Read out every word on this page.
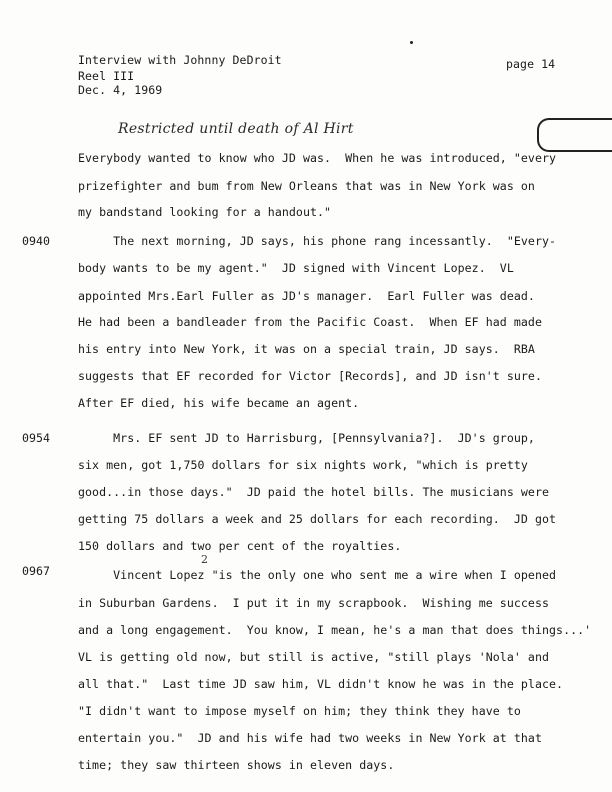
Interview with Johnny DeDroit
Reel III
Dec. 4, 1969
page 14
Restricted until death of Al Hirt
0940
0954
0967
Everybody wanted to know who JD was.  When he was introduced, "every
prizefighter and bum from New Orleans that was in New York was on
my bandstand looking for a handout."
The next morning, JD says, his phone rang incessantly.  "Every-
body wants to be my agent."  JD signed with Vincent Lopez.  VL
appointed Mrs.Earl Fuller as JD's manager.  Earl Fuller was dead.
He had been a bandleader from the Pacific Coast.  When EF had made
his entry into New York, it was on a special train, JD says.  RBA
suggests that EF recorded for Victor [Records], and JD isn't sure.
After EF died, his wife became an agent.
Mrs. EF sent JD to Harrisburg, [Pennsylvania?].  JD's group,
six men, got 1,750 dollars for six nights work, "which is pretty
good...in those days."  JD paid the hotel bills. The musicians were
getting 75 dollars a week and 25 dollars for each recording.  JD got
150 dollars and two per cent of the royalties.
Vincent Lopez "is the only one who sent me a wire when I opened
in Suburban Gardens.  I put it in my scrapbook.  Wishing me success
and a long engagement.  You know, I mean, he's a man that does things...'
VL is getting old now, but still is active, "still plays 'Nola' and
all that."  Last time JD saw him, VL didn't know he was in the place.
"I didn't want to impose myself on him; they think they have to
entertain you."  JD and his wife had two weeks in New York at that
time; they saw thirteen shows in eleven days.
2
